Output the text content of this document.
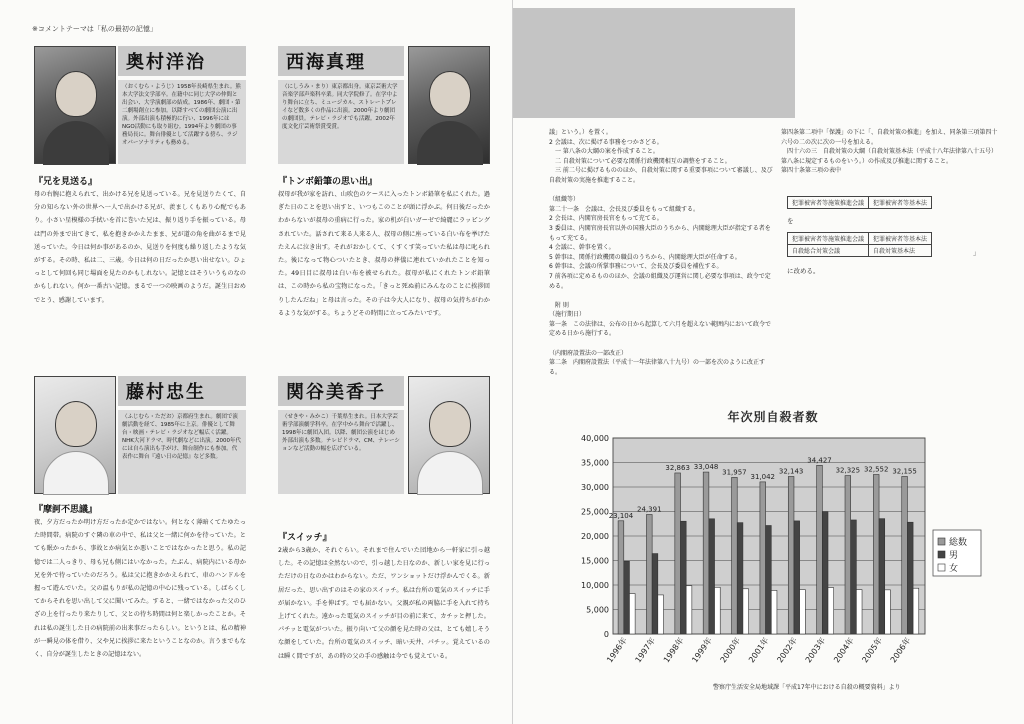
※コメントテーマは「私の最初の記憶」
奥村洋治
（おくむら・ようじ）1958年長崎県生まれ。熊本大学法文学部卒。在籍中に同じ大学の仲間と出会い、大学演劇部の結成。1986年、劇団・第二劇場創立に参加。以降すべての劇団公演に出演。外部出演も積極的に行い、1996年にはNGO活動にも取り組む。1994年より劇団の事務局長に。舞台俳優として活躍する傍ら、ラジオパーソナリティも務める。
『兄を見送る』
母の右腕に抱えられて、出かける兄を見送っている。兄を見送りたくて、自分の知らない外の世界へ一人で出かける兄が、羨ましくもあり心配でもあり。小さい星模様の手拭いを首に巻いた兄は、振り返り手を振っている。母は門の外まで出てきて、私を抱きかかえたまま、兄が道の角を曲がるまで見送っていた。今日は何か事があるのか、見送りを何度も繰り返したような気がする。その時、私は二、三歳。今日は何の日だったか思い出せない。ひょっとして何回も同じ場面を見たのかもしれない。記憶とはそういうものなのかもしれない。何か一番古い記憶。まるで一つの映画のようだ。誕生日おめでとう、感謝しています。
西海真理
（にしうみ・まり）東京都出身。東京芸術大学音楽学部声楽科卒業。同大学院修了。在学中より舞台に立ち、ミュージカル、ストレートプレイなど数多くの作品に出演。2000年より劇団の劇団員。テレビ・ラジオでも活躍。2002年度文化庁芸術祭賞受賞。
『トンボ鉛筆の思い出』
叔母が我が家を訪れ、山吹色のケースに入ったトンボ鉛筆を私にくれた。過ぎた日のことを思い出すと、いつもこのことが頭に浮かぶ。何日後だったかわからないが叔母の重病に行った。家の机が白いガーゼで綺麗にラッピングされていた。話されて来る人来る人、叔母の側に座っている白い布を挙げたたえんに泣き出す。それがおかしくて、くすくす笑っていた私は母に叱られた。後になって物心ついたとき、叔母の葬儀に連れていかれたことを知った。49日目に叔母は白い布を被せられた。叔母が私にくれたトンボ鉛筆は、この時から私の宝物になった。「きっと死ぬ前にみんなのことに挨拶回りしたんだね」と母は言った。その子は今大人になり、叔母の気持ちがわかるような気がする。ちょうどその時間に立ってみたいです。
藤村忠生
（ふじむら・ただお）京都府生まれ。劇団で演劇活動を経て、1985年に上京。俳優として舞台・映画・テレビ・ラジオなど幅広く活躍。NHK大河ドラマ、時代劇などに出演。2000年代には自ら演出も手がけ、舞台制作にも参加。代表作に舞台『遠い日の記憶』など多数。
『摩訶不思議』
夜、夕方だったか明け方だったか定かではない。何となく薄暗くてたゆたった時間帯。病院のすぐ隣の車の中で、私は父と一緒に何かを待っていた。とても眠かったから、事故とか病気とか悪いことではなかったと思う。私の記憶では二人っきり、母も兄も側にはいなかった。たぶん、病院内にいる母か兄を外で待っていたのだろう。私は父に抱きかかえられて、車のハンドルを握って遊んでいた。父の温もりが私の記憶の中心に残っている。しばらくしてからそれを思い出して父に聞いてみた。すると、一緒ではなかった父のひざの上を行ったり来たりして、父との待ち時間は何と楽しかったことか。それは私の誕生した日の病院前の出来事だったらしい。というとは、私の精神が一瞬見の体を借り、父や兄に挨拶に来たということなのか。言うまでもなく、自分が誕生したときの記憶はない。
関谷美香子
（せきや・みかこ）千葉県生まれ。日本大学芸術学部演劇学科卒。在学中から舞台で活躍し、1998年に劇団入団。以降、劇団公演をはじめ外部出演も多数。テレビドラマ、CM、ナレーションなど活動の幅を広げている。
『スイッチ』
2歳から3歳か、それぐらい。それまで住んでいた団地から一軒家に引っ越した。その記憶は全然ないので、引っ越した日なのか、新しい家を見に行っただけの日なのかはわからない。ただ、ワンショットだけ浮かんでくる。新居だった、思い出すのはその家のスイッチ。私は台所の電気のスイッチに手が届かない。手を伸ばす。でも届かない。父親が私の両脇に手を入れて持ち上げてくれた。遠かった電気のスイッチが目の前に来て、カチッと押した。パチッと電気がついた。振り向いて父の顔を見た時の父は、とても嬉しそうな顔をしていた。台所の電気のスイッチ、暗い天井、パチッ。覚えているのは瞬く間ですが、あの時の父の手の感触は今でも覚えている。

議」という。）を置く。
2 会議は、次に掲げる事務をつかさどる。
　一 第八条の大綱の案を作成すること。
　二 自殺対策について必要な関係行政機関相互の調整をすること。
　三 前二号に掲げるもののほか、自殺対策に関する重要事項について審議し、及び自殺対策の実施を推進すること。

（組織等）
第二十一条　会議は、会長及び委員をもって組織する。
2 会長は、内閣官房長官をもって充てる。
3 委員は、内閣官房長官以外の国務大臣のうちから、内閣総理大臣が指定する者をもって充てる。
4 会議に、幹事を置く。
5 幹事は、関係行政機関の職員のうちから、内閣総理大臣が任命する。
6 幹事は、会議の所掌事務について、会長及び委員を補佐する。
7 前各項に定めるもののほか、会議の組織及び運営に関し必要な事項は、政令で定める。

　附 則
（施行期日）
第一条　この法律は、公布の日から起算して六月を超えない範囲内において政令で定める日から施行する。

（内閣府設置法の一部改正）
第二条　内閣府設置法（平成十一年法律第八十九号）の一部を次のように改正する。

第四条第二項中「保護」の下に「、自殺対策の推進」を加え、同条第三項第四十六号の二の次に次の一号を加える。
　四十六の三　自殺対策の大綱（自殺対策基本法（平成十八年法律第八十五号）第八条に規定するものをいう。）の作成及び推進に関すること。
第四十条第三項の表中

犯罪被害者等施策推進会議	犯罪被害者等基本法
を
犯罪被害者等施策推進会議	犯罪被害者等基本法
自殺総合対策会議	自殺対策基本法	」
に改める。
年次別自殺者数
0
5,000
10,000
15,000
20,000
25,000
30,000
35,000
40,000
23,104
1996年
24,391
1997年
32,863
1998年
33,048
1999年
31,957
2000年
31,042
2001年
32,143
2002年
34,427
2003年
32,325
2004年
32,552
2005年
32,155
2006年
総数
男
女
警察庁生活安全局地域課「平成17年中における自殺の概要資料」より
